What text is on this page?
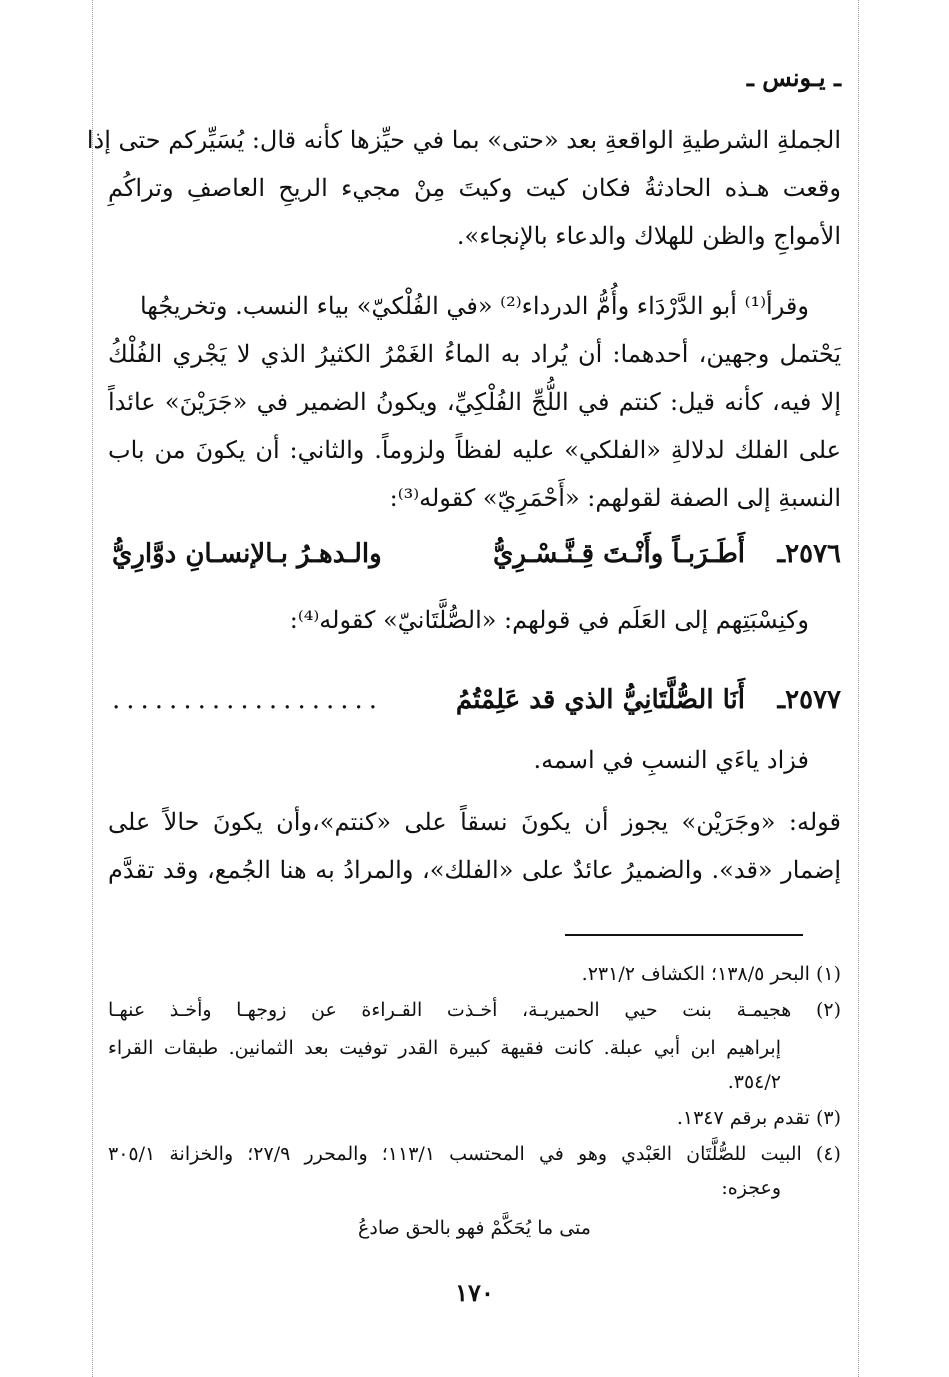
ـ يـونس ـ
الجملةِ الشرطيةِ الواقعةِ بعد «حتى» بما في حيِّزها كأنه قال: يُسَيِّركم حتى إذا
وقعت هـذه الحادثةُ فكان كيت وكيتَ مِنْ مجيء الريحِ العاصفِ وتراكُمِ
الأمواجِ والظن للهلاك والدعاء بالإنجاء».
وقرأ⁽¹⁾ أبو الدَّرْدَاء وأُمُّ الدرداء⁽²⁾ «في الفُلْكيّ» بياء النسب. وتخريجُها
يَحْتمل وجهين، أحدهما: أن يُراد به الماءُ الغَمْرُ الكثيرُ الذي لا يَجْري الفُلْكُ
إلا فيه، كأنه قيل: كنتم في اللُّجِّ الفُلْكِيِّ، ويكونُ الضمير في «جَرَيْنَ» عائداً
على الفلك لدلالةِ «الفلكي» عليه لفظاً ولزوماً. والثاني: أن يكونَ من باب
النسبةِ إلى الصفة لقولهم: «أَحْمَرِيّ» كقوله⁽³⁾:
٢٥٧٦ـ
أَطَـرَبـاً وأَنْـتَ قِـنَّـسْـرِيُّ
والـدهـرُ بـالإنسـانِ دوَّارِيُّ
وكنِسْبَتِهم إلى العَلَم في قولهم: «الصُّلَّتَانيّ» كقوله⁽⁴⁾:
٢٥٧٧ـ
أَنَا الصُّلَّتَانِيُّ الذي قد عَلِمْتُمُ
...................
فزاد ياءَي النسبِ في اسمه.
قوله: «وجَرَيْن» يجوز أن يكونَ نسقاً على «كنتم»،وأن يكونَ حالاً على
إضمار «قد». والضميرُ عائدٌ على «الفلك»، والمرادُ به هنا الجُمع، وقد تقدَّم
(١) البحر ١٣٨/٥؛ الكشاف ٢٣١/٢.
(٢) هجيمـة بنت حيي الحميريـة، أخـذت القـراءة عن زوجهـا وأخـذ عنهـا
إبراهيم ابن أبي عبلة. كانت فقيهة كبيرة القدر توفيت بعد الثمانين. طبقات القراء
٣٥٤/٢.
(٣) تقدم برقم ١٣٤٧.
(٤) البيت للصُّلَّتَان العَبْدي وهو في المحتسب ١١٣/١؛ والمحرر ٢٧/٩؛ والخزانة ٣٠٥/١
وعجزه:
متى ما يُحَكَّمْ فهو بالحق صادعُ
١٧٠
